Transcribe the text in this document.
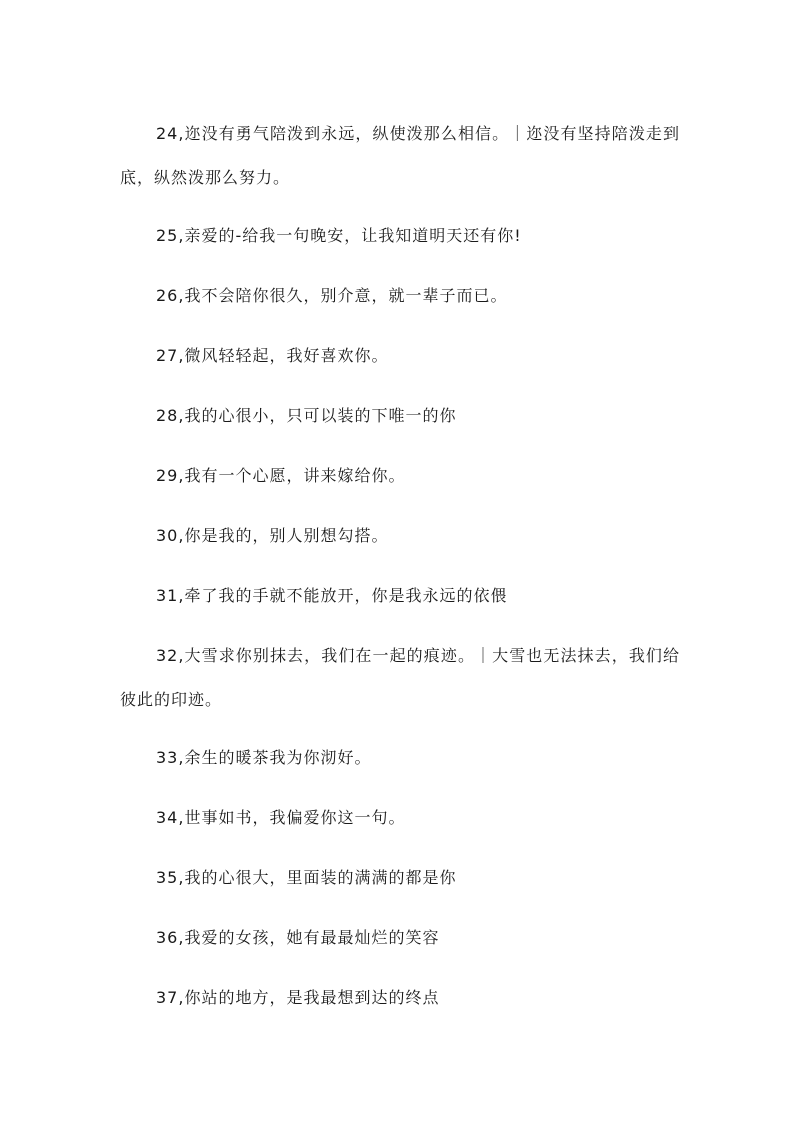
24,迩没有勇气陪泼到永远，纵使泼那么相信。｜迩没有坚持陪泼走到底，纵然泼那么努力。

25,亲爱的-给我一句晚安，让我知道明天还有你!

26,我不会陪你很久，别介意，就一辈子而已。

27,微风轻轻起，我好喜欢你。

28,我的心很小，只可以装的下唯一的你

29,我有一个心愿，讲来嫁给你。

30,你是我的，别人别想勾搭。

31,牵了我的手就不能放开，你是我永远的依偎

32,大雪求你别抹去，我们在一起的痕迹。｜大雪也无法抹去，我们给彼此的印迹。

33,余生的暖茶我为你沏好。

34,世事如书，我偏爱你这一句。

35,我的心很大，里面装的满满的都是你

36,我爱的女孩，她有最最灿烂的笑容

37,你站的地方，是我最想到达的终点
